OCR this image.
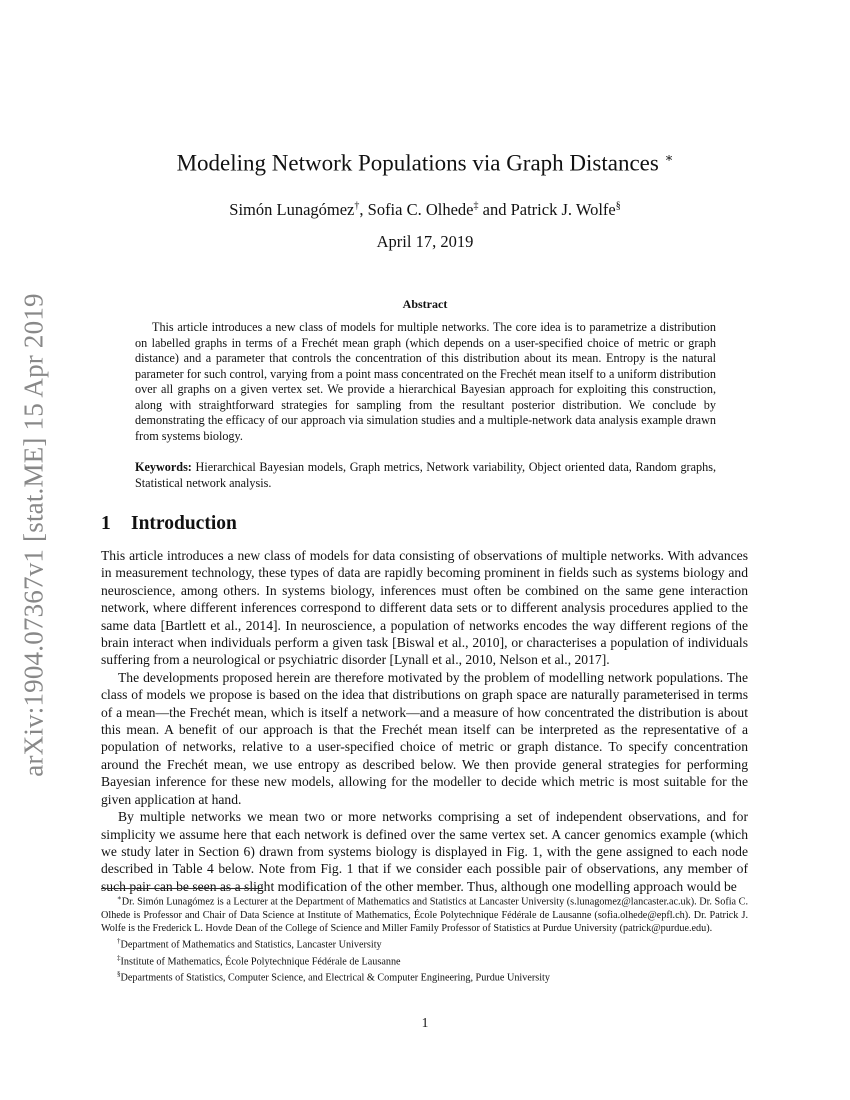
arXiv:1904.07367v1 [stat.ME] 15 Apr 2019
Modeling Network Populations via Graph Distances ∗
Simón Lunagómez†, Sofia C. Olhede‡ and Patrick J. Wolfe§
April 17, 2019
Abstract

This article introduces a new class of models for multiple networks. The core idea is to parametrize a distribution on labelled graphs in terms of a Frechét mean graph (which depends on a user-specified choice of metric or graph distance) and a parameter that controls the concentration of this distribution about its mean. Entropy is the natural parameter for such control, varying from a point mass concentrated on the Frechét mean itself to a uniform distribution over all graphs on a given vertex set. We provide a hierarchical Bayesian approach for exploiting this construction, along with straightforward strategies for sampling from the resultant posterior distribution. We conclude by demonstrating the efficacy of our approach via simulation studies and a multiple-network data analysis example drawn from systems biology.

Keywords: Hierarchical Bayesian models, Graph metrics, Network variability, Object oriented data, Random graphs, Statistical network analysis.

1 Introduction

This article introduces a new class of models for data consisting of observations of multiple networks. With advances in measurement technology, these types of data are rapidly becoming prominent in fields such as systems biology and neuroscience, among others. In systems biology, inferences must often be combined on the same gene interaction network, where different inferences correspond to different data sets or to different analysis procedures applied to the same data [Bartlett et al., 2014]. In neuroscience, a population of networks encodes the way different regions of the brain interact when individuals perform a given task [Biswal et al., 2010], or characterises a population of individuals suffering from a neurological or psychiatric disorder [Lynall et al., 2010, Nelson et al., 2017].

The developments proposed herein are therefore motivated by the problem of modelling network populations. The class of models we propose is based on the idea that distributions on graph space are naturally parameterised in terms of a mean—the Frechét mean, which is itself a network—and a measure of how concentrated the distribution is about this mean. A benefit of our approach is that the Frechét mean itself can be interpreted as the representative of a population of networks, relative to a user-specified choice of metric or graph distance. To specify concentration around the Frechét mean, we use entropy as described below. We then provide general strategies for performing Bayesian inference for these new models, allowing for the modeller to decide which metric is most suitable for the given application at hand.

By multiple networks we mean two or more networks comprising a set of independent observations, and for simplicity we assume here that each network is defined over the same vertex set. A cancer genomics example (which we study later in Section 6) drawn from systems biology is displayed in Fig. 1, with the gene assigned to each node described in Table 4 below. Note from Fig. 1 that if we consider each possible pair of observations, any member of such pair can be seen as a slight modification of the other member. Thus, although one modelling approach would be

∗Dr. Simón Lunagómez is a Lecturer at the Department of Mathematics and Statistics at Lancaster University (s.lunagomez@lancaster.ac.uk). Dr. Sofia C. Olhede is Professor and Chair of Data Science at Institute of Mathematics, École Polytechnique Fédérale de Lausanne (sofia.olhede@epfl.ch). Dr. Patrick J. Wolfe is the Frederick L. Hovde Dean of the College of Science and Miller Family Professor of Statistics at Purdue University (patrick@purdue.edu).

†Department of Mathematics and Statistics, Lancaster University

‡Institute of Mathematics, École Polytechnique Fédérale de Lausanne

§Departments of Statistics, Computer Science, and Electrical & Computer Engineering, Purdue University

1
